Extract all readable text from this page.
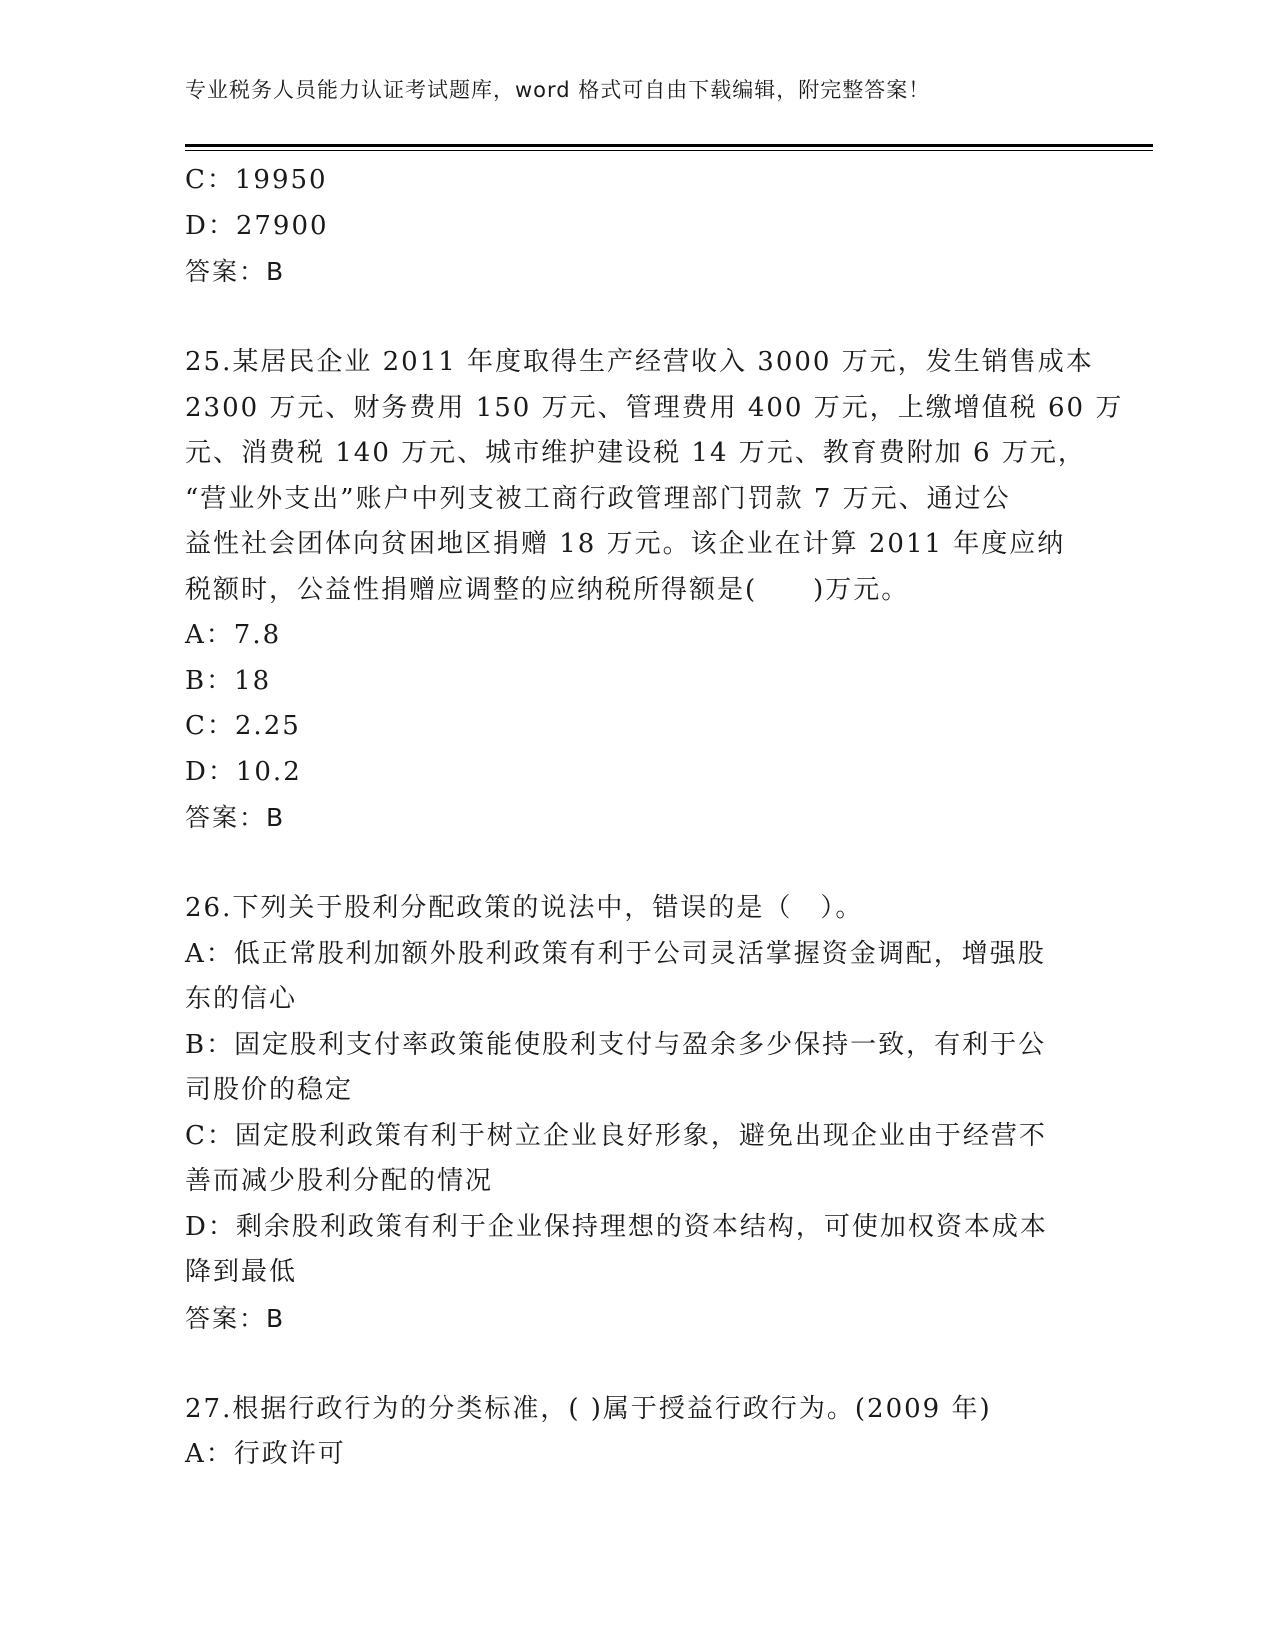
专业税务人员能力认证考试题库，word 格式可自由下载编辑，附完整答案！
C：19950
D：27900
答案：B
25.某居民企业 2011 年度取得生产经营收入 3000 万元，发生销售成本
2300 万元、财务费用 150 万元、管理费用 400 万元，上缴增值税 60 万
元、消费税 140 万元、城市维护建设税 14 万元、教育费附加 6 万元，
“营业外支出”账户中列支被工商行政管理部门罚款 7 万元、通过公
益性社会团体向贫困地区捐赠 18 万元。该企业在计算 2011 年度应纳
税额时，公益性捐赠应调整的应纳税所得额是(　　)万元。
A：7.8
B：18
C：2.25
D：10.2
答案：B
26.下列关于股利分配政策的说法中，错误的是（　）。
A：低正常股利加额外股利政策有利于公司灵活掌握资金调配，增强股
东的信心
B：固定股利支付率政策能使股利支付与盈余多少保持一致，有利于公
司股价的稳定
C：固定股利政策有利于树立企业良好形象，避免出现企业由于经营不
善而减少股利分配的情况
D：剩余股利政策有利于企业保持理想的资本结构，可使加权资本成本
降到最低
答案：B
27.根据行政行为的分类标准，( )属于授益行政行为。(2009 年)
A：行政许可
